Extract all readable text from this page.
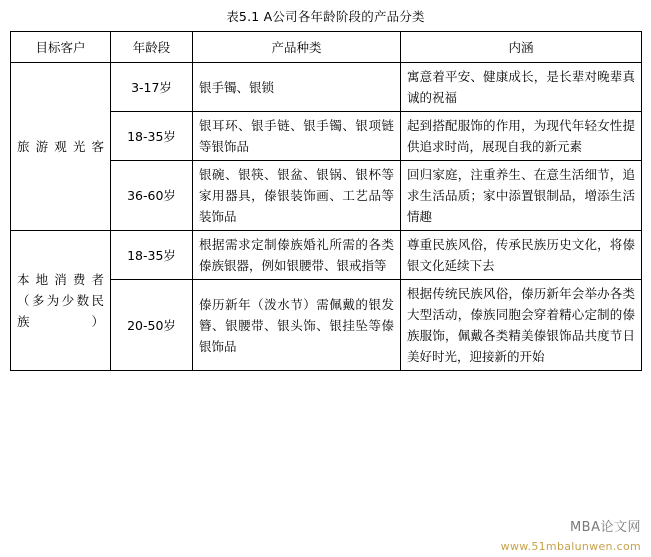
表5.1 A公司各年龄阶段的产品分类
目标客户	年龄段	产品种类	内涵
旅游观光客	3-17岁	银手镯、银锁	寓意着平安、健康成长，是长辈对晚辈真诚的祝福
	18-35岁	银耳环、银手链、银手镯、银项链等银饰品	起到搭配服饰的作用，为现代年轻女性提供追求时尚，展现自我的新元素
	36-60岁	银碗、银筷、银盆、银锅、银杯等家用器具，傣银装饰画、工艺品等装饰品	回归家庭，注重养生、在意生活细节，追求生活品质；家中添置银制品，增添生活情趣
本地消费者（多为少数民族）	18-35岁	根据需求定制傣族婚礼所需的各类傣族银器，例如银腰带、银戒指等	尊重民族风俗，传承民族历史文化，将傣银文化延续下去
	20-50岁	傣历新年（泼水节）需佩戴的银发簪、银腰带、银头饰、银挂坠等傣银饰品	根据传统民族风俗，傣历新年会举办各类大型活动，傣族同胞会穿着精心定制的傣族服饰，佩戴各类精美傣银饰品共度节日美好时光，迎接新的开始
MBA论文网
www.51mbalunwen.com
